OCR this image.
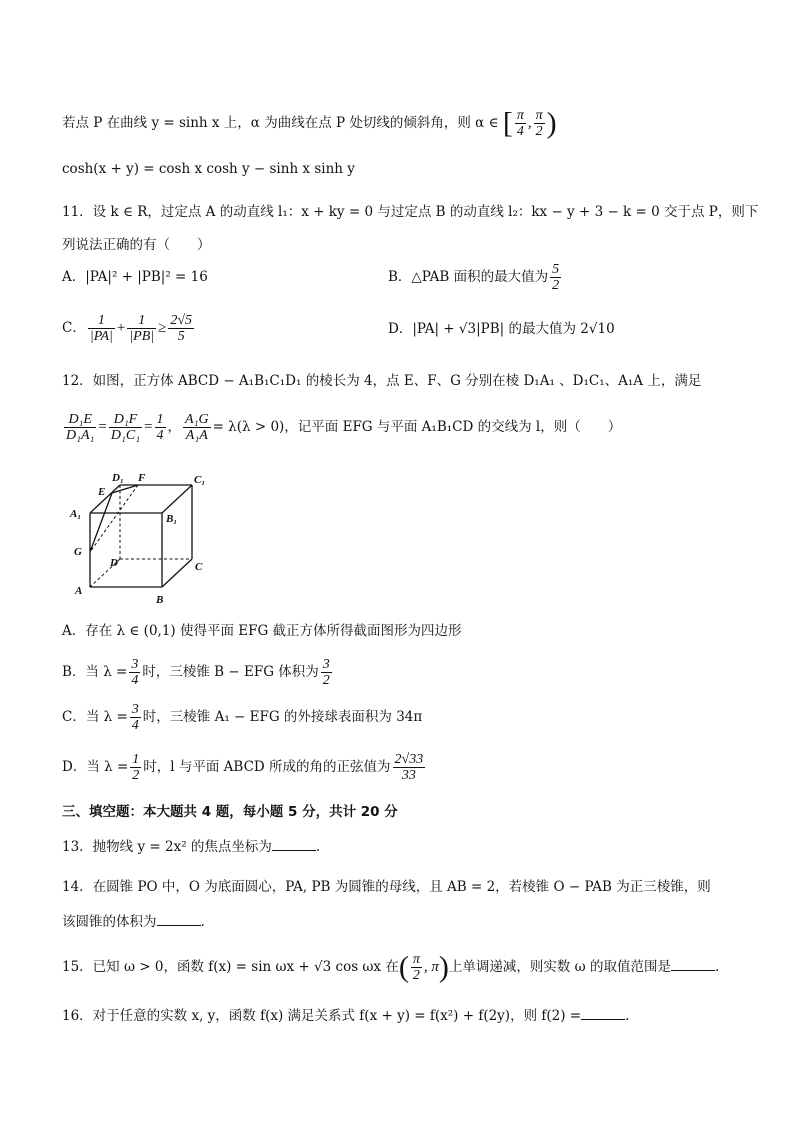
若点 P 在曲线 y = sinh x 上，α 为曲线在点 P 处切线的倾斜角，则 α ∈ [ $\frac{\pi}{4}$ , $\frac{\pi}{2}$ )
cosh(x + y) = cosh x cosh y − sinh x sinh y
11．设 k ∈ R，过定点 A 的动直线 l₁：x + ky = 0 与过定点 B 的动直线 l₂：kx − y + 3 − k = 0 交于点 P，则下
列说法正确的有（　　）
A．|PA|² + |PB|² = 16	B．△PAB 面积的最大值为 $\frac{5}{2}$
C． $\frac{1}{|PA|} + \frac{1}{|PB|} \ge \frac{2√5}{5}$	D．|PA| + √3|PB| 的最大值为 2√10
12．如图，正方体 ABCD − A₁B₁C₁D₁ 的棱长为 4，点 E、F、G 分别在棱 D₁A₁ 、D₁C₁、A₁A 上，满足
$\frac{\text{D₁E}}{\text{D₁A₁}} = \frac{\text{D₁F}}{\text{D₁C₁}} = \frac{1}{4}$ ， $\frac{\text{A₁G}}{\text{A₁A}} = \lambda(\lambda > 0)$，记平面 EFG 与平面 A₁B₁CD 的交线为 l，则（　　）
D₁ F	C₁
E
A₁	B₁
G
D	C
A
B
A．存在 λ ∈ (0,1) 使得平面 EFG 截正方体所得截面图形为四边形
B．当 $\lambda = \frac{3}{4}$ 时，三棱锥 B − EFG 体积为 $\frac{3}{2}$
C．当 $\lambda = \frac{3}{4}$ 时，三棱锥 A₁ − EFG 的外接球表面积为 34π
D．当 $\lambda = \frac{1}{2}$ 时，l 与平面 ABCD 所成的角的正弦值为 $\frac{2√33}{33}$
三、填空题：本大题共 4 题，每小题 5 分，共计 20 分
13．抛物线 y = 2x² 的焦点坐标为	.
14．在圆锥 PO 中，O 为底面圆心，PA, PB 为圆锥的母线，且 AB = 2，若棱锥 O − PAB 为正三棱锥，则
该圆锥的体积为	.
15．已知 ω > 0，函数 f(x) = sin ωx + √3 cos ωx 在( $\frac{\pi}{2}$ , π)上单调递减，则实数 ω 的取值范围是	.
16．对于任意的实数 x, y，函数 f(x) 满足关系式 f(x + y) = f(x²) + f(2y)，则 f(2) =	.
